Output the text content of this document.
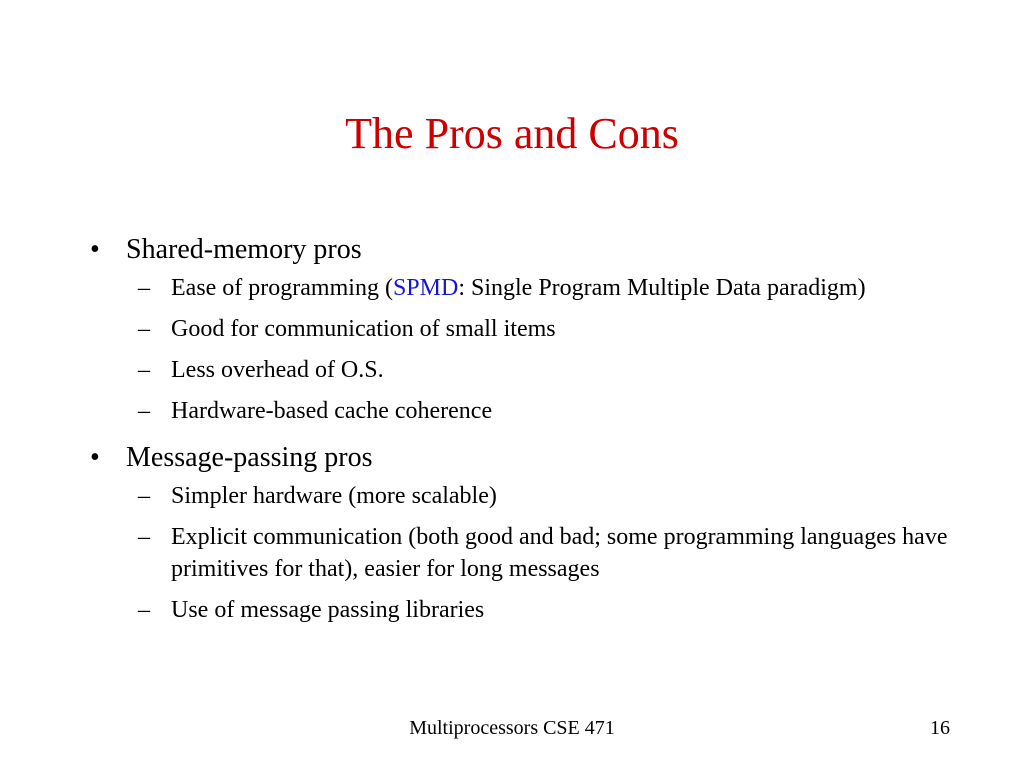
The Pros and Cons
• Shared-memory pros
– Ease of programming (SPMD: Single Program Multiple Data paradigm)
– Good for communication of small items
– Less overhead of O.S.
– Hardware-based cache coherence
• Message-passing pros
– Simpler hardware (more scalable)
– Explicit communication (both good and bad; some programming languages have primitives for that), easier for long messages
– Use of message passing libraries
Multiprocessors CSE 471	16
